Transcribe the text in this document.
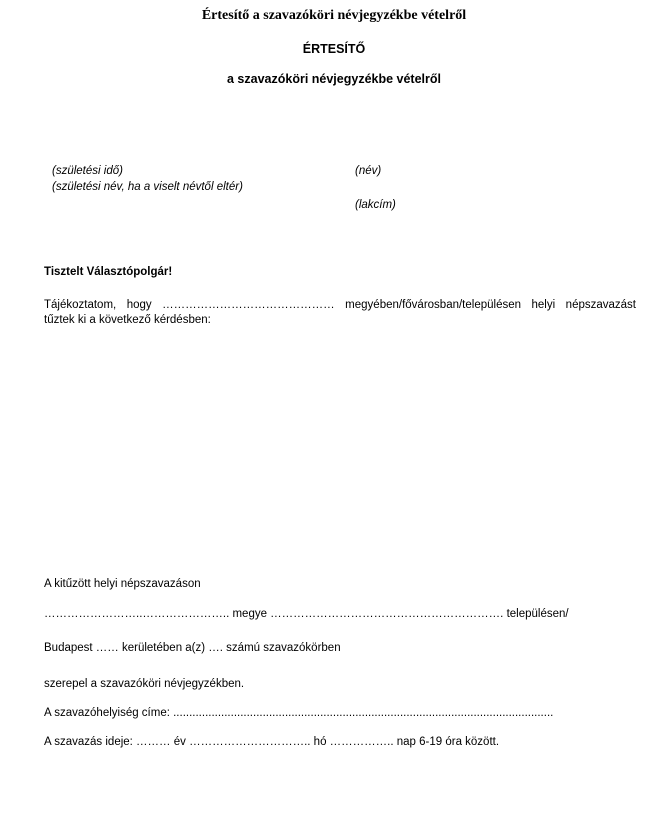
Értesítő a szavazóköri névjegyzékbe vételről
ÉRTESÍTŐ
a szavazóköri névjegyzékbe vételről
(születési idő)
(születési név, ha a viselt névtől eltér)
(név)
(lakcím)
Tisztelt Választópolgár!
Tájékoztatom, hogy ……………………………………… megyében/fővárosban/településen helyi népszavazást
tűztek ki a következő kérdésben:
A kitűzött helyi népszavazáson
……………………..………………….. megye ……………………………………………………. településen/
Budapest …… kerületében a(z) …. számú szavazókörben
szerepel a szavazóköri névjegyzékben.
A szavazóhelyiség címe: .......................................................................................................................
A szavazás ideje: ……… év ………………………….. hó …………….. nap 6-19 óra között.
